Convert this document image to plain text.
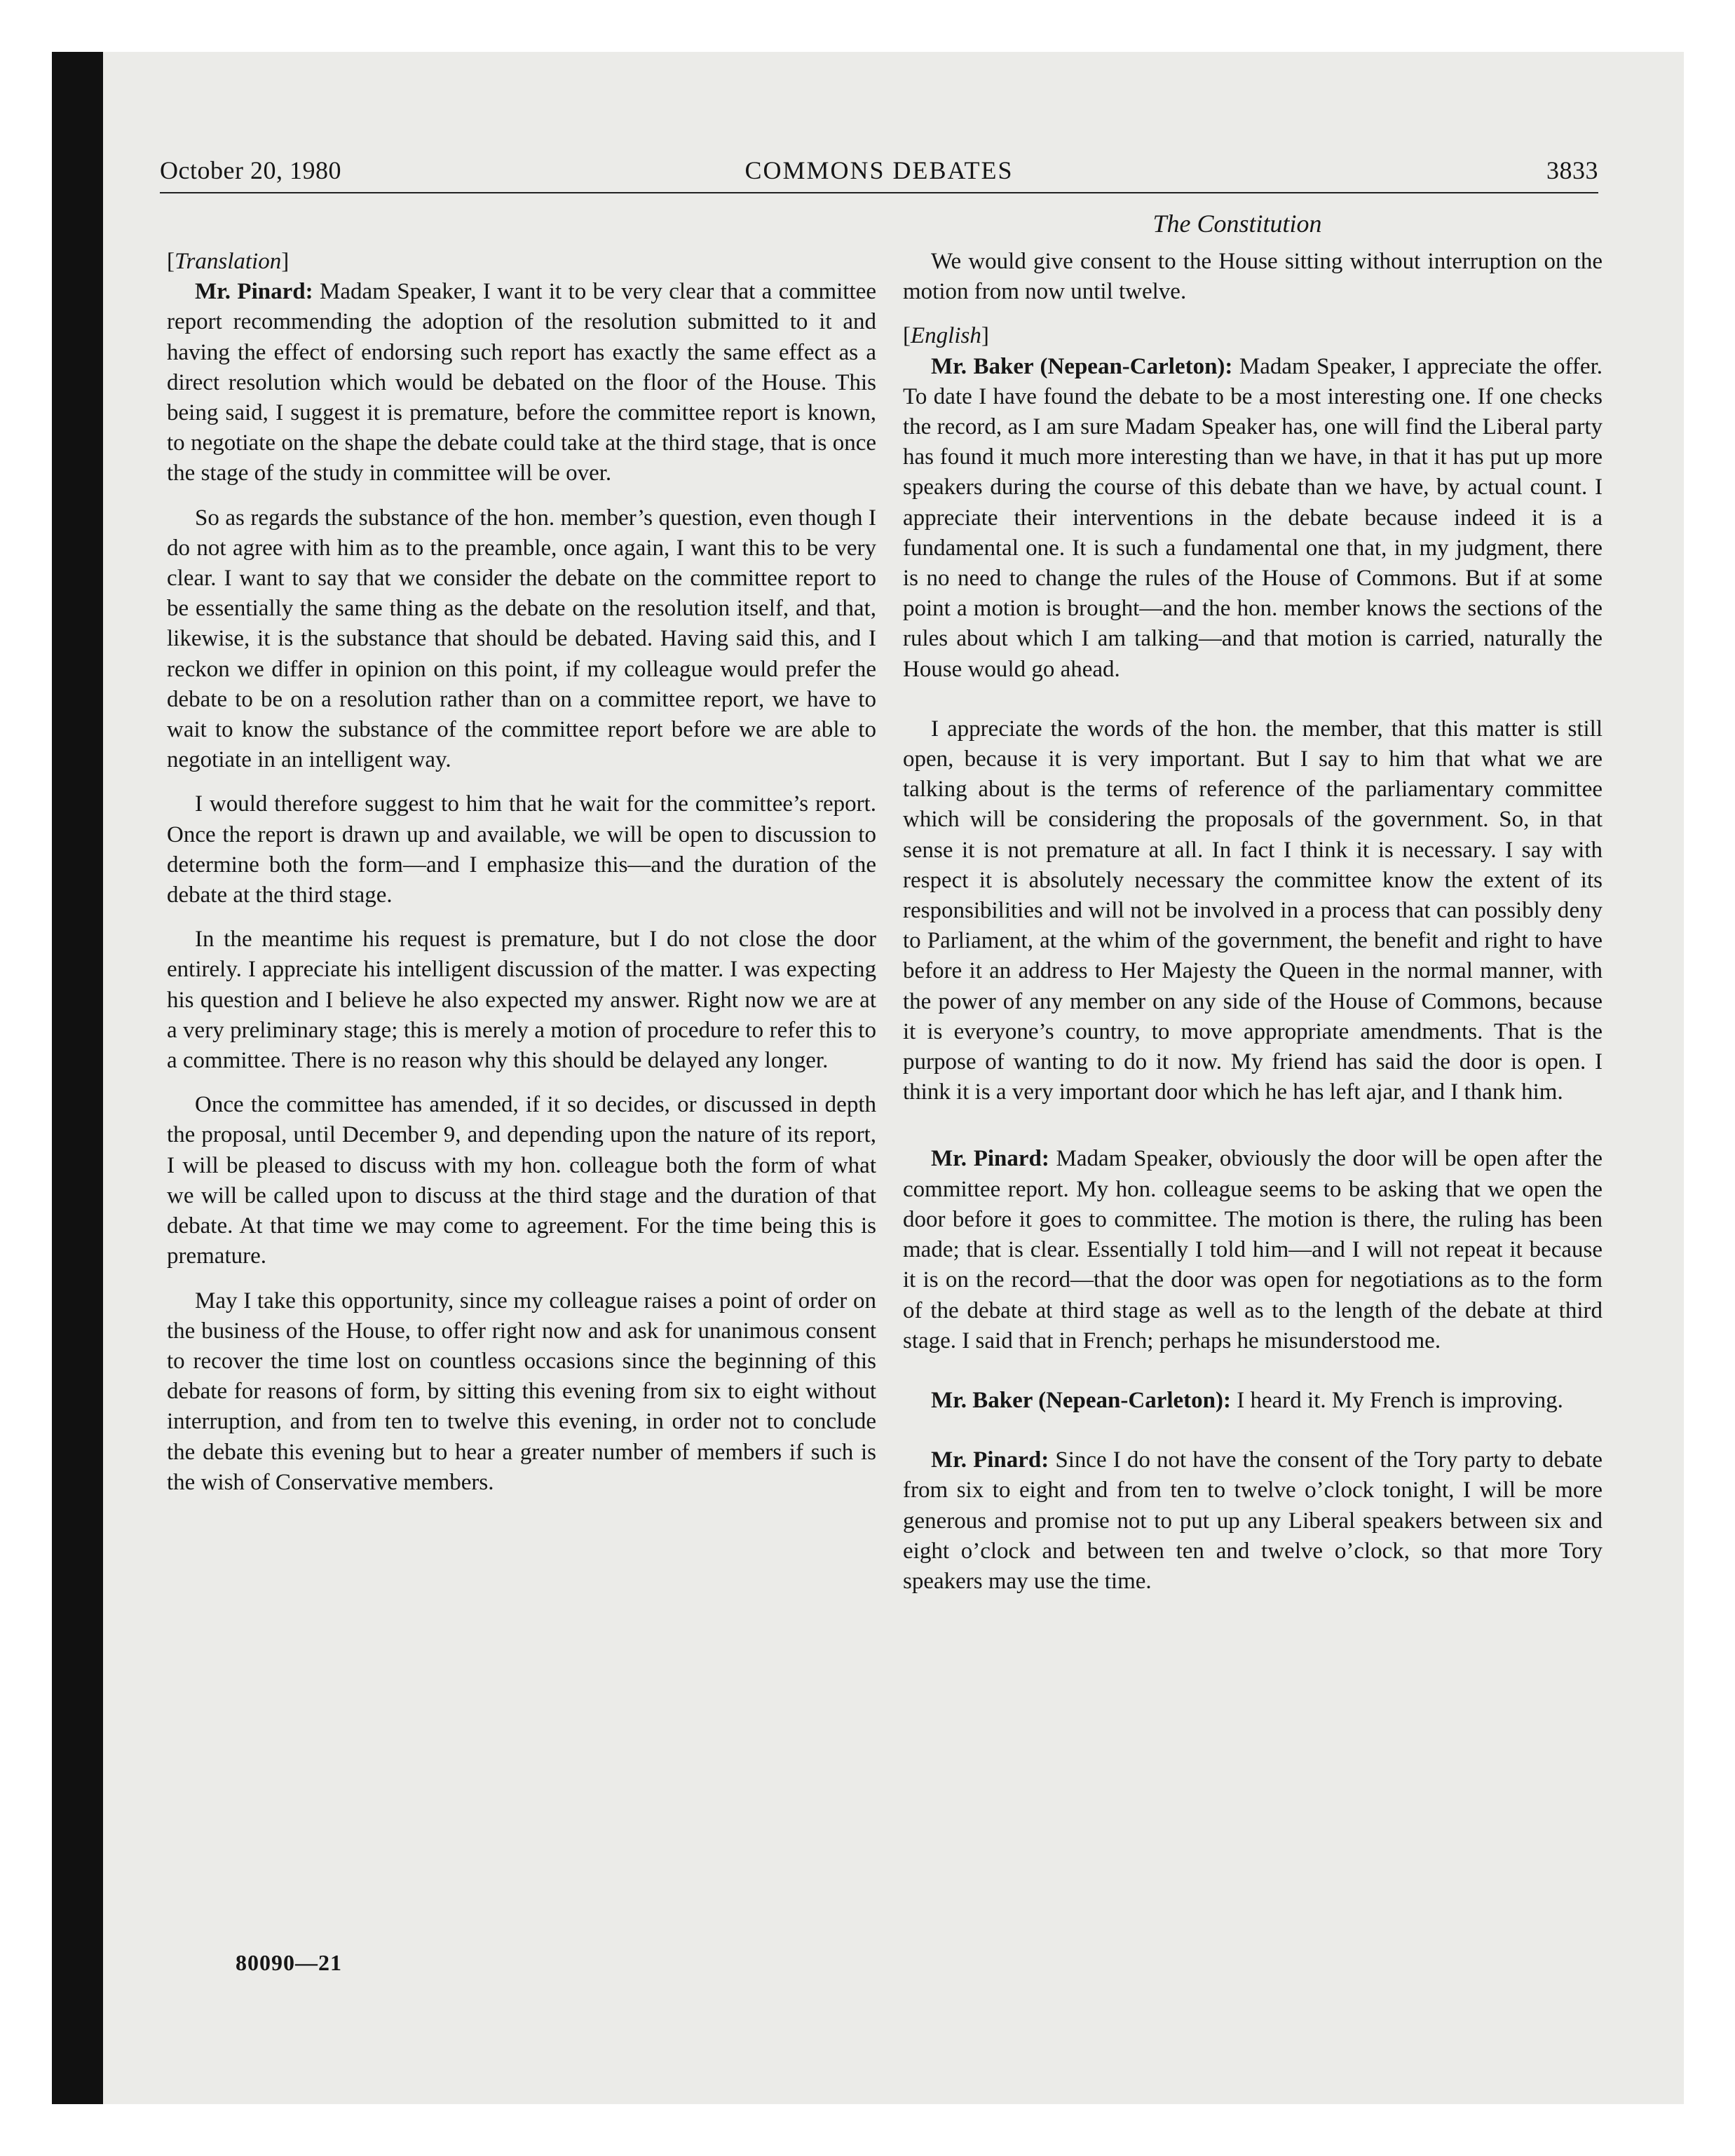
October 20, 1980	COMMONS DEBATES	3833
The Constitution

[Translation]

Mr. Pinard: Madam Speaker, I want it to be very clear that a committee report recommending the adoption of the resolution submitted to it and having the effect of endorsing such report has exactly the same effect as a direct resolution which would be debated on the floor of the House. This being said, I suggest it is premature, before the committee report is known, to negotiate on the shape the debate could take at the third stage, that is once the stage of the study in committee will be over.

So as regards the substance of the hon. member’s question, even though I do not agree with him as to the preamble, once again, I want this to be very clear. I want to say that we consider the debate on the committee report to be essentially the same thing as the debate on the resolution itself, and that, likewise, it is the substance that should be debated. Having said this, and I reckon we differ in opinion on this point, if my colleague would prefer the debate to be on a resolution rather than on a committee report, we have to wait to know the substance of the committee report before we are able to negotiate in an intelligent way.

I would therefore suggest to him that he wait for the committee’s report. Once the report is drawn up and available, we will be open to discussion to determine both the form—and I emphasize this—and the duration of the debate at the third stage.

In the meantime his request is premature, but I do not close the door entirely. I appreciate his intelligent discussion of the matter. I was expecting his question and I believe he also expected my answer. Right now we are at a very preliminary stage; this is merely a motion of procedure to refer this to a committee. There is no reason why this should be delayed any longer.

Once the committee has amended, if it so decides, or discussed in depth the proposal, until December 9, and depending upon the nature of its report, I will be pleased to discuss with my hon. colleague both the form of what we will be called upon to discuss at the third stage and the duration of that debate. At that time we may come to agreement. For the time being this is premature.

May I take this opportunity, since my colleague raises a point of order on the business of the House, to offer right now and ask for unanimous consent to recover the time lost on countless occasions since the beginning of this debate for reasons of form, by sitting this evening from six to eight without interruption, and from ten to twelve this evening, in order not to conclude the debate this evening but to hear a greater number of members if such is the wish of Conservative members.

We would give consent to the House sitting without interruption on the motion from now until twelve.

[English]

Mr. Baker (Nepean-Carleton): Madam Speaker, I appreciate the offer. To date I have found the debate to be a most interesting one. If one checks the record, as I am sure Madam Speaker has, one will find the Liberal party has found it much more interesting than we have, in that it has put up more speakers during the course of this debate than we have, by actual count. I appreciate their interventions in the debate because indeed it is a fundamental one. It is such a fundamental one that, in my judgment, there is no need to change the rules of the House of Commons. But if at some point a motion is brought—and the hon. member knows the sections of the rules about which I am talking—and that motion is carried, naturally the House would go ahead.

I appreciate the words of the hon. the member, that this matter is still open, because it is very important. But I say to him that what we are talking about is the terms of reference of the parliamentary committee which will be considering the proposals of the government. So, in that sense it is not premature at all. In fact I think it is necessary. I say with respect it is absolutely necessary the committee know the extent of its responsibilities and will not be involved in a process that can possibly deny to Parliament, at the whim of the government, the benefit and right to have before it an address to Her Majesty the Queen in the normal manner, with the power of any member on any side of the House of Commons, because it is everyone’s country, to move appropriate amendments. That is the purpose of wanting to do it now. My friend has said the door is open. I think it is a very important door which he has left ajar, and I thank him.

Mr. Pinard: Madam Speaker, obviously the door will be open after the committee report. My hon. colleague seems to be asking that we open the door before it goes to committee. The motion is there, the ruling has been made; that is clear. Essentially I told him—and I will not repeat it because it is on the record—that the door was open for negotiations as to the form of the debate at third stage as well as to the length of the debate at third stage. I said that in French; perhaps he misunderstood me.

Mr. Baker (Nepean-Carleton): I heard it. My French is improving.

Mr. Pinard: Since I do not have the consent of the Tory party to debate from six to eight and from ten to twelve o’clock tonight, I will be more generous and promise not to put up any Liberal speakers between six and eight o’clock and between ten and twelve o’clock, so that more Tory speakers may use the time.

80090—21
